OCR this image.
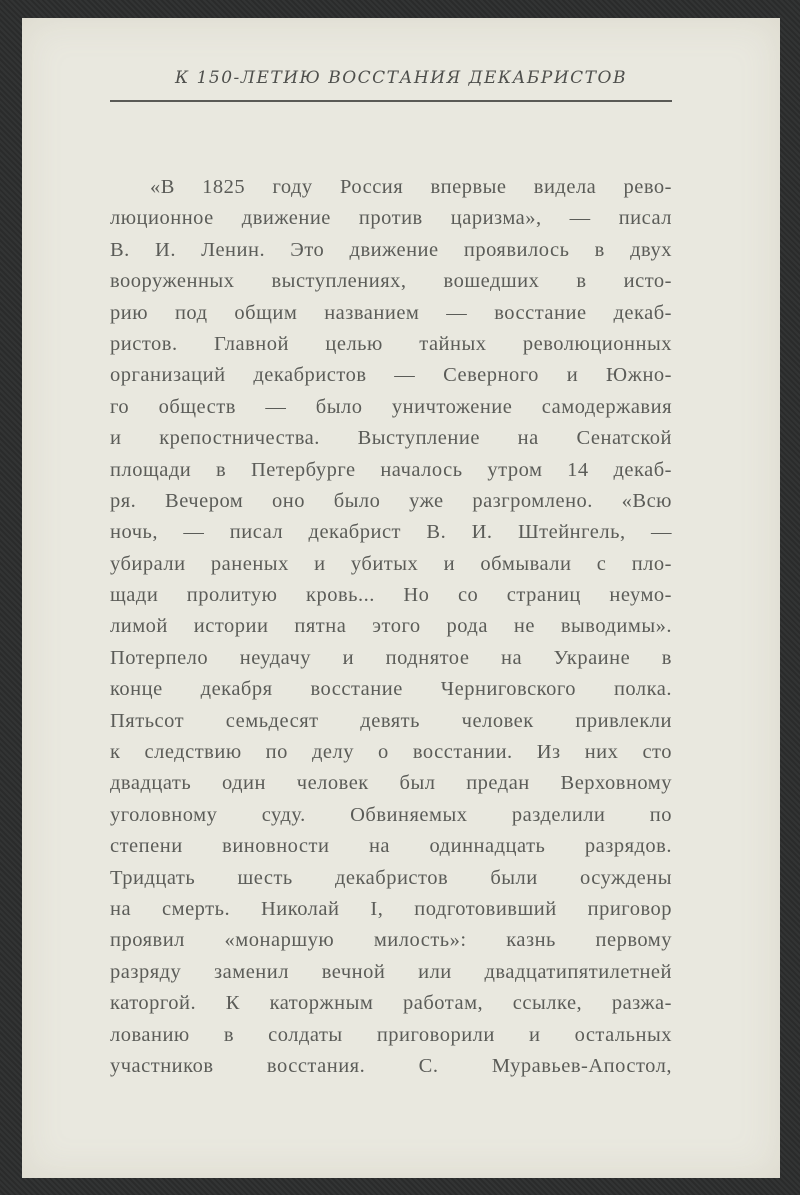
К 150-ЛЕТИЮ ВОССТАНИЯ ДЕКАБРИСТОВ
«В 1825 году Россия впервые видела рево-
люционное движение против царизма», — писал
В. И. Ленин. Это движение проявилось в двух
вооруженных выступлениях, вошедших в исто-
рию под общим названием — восстание декаб-
ристов. Главной целью тайных революционных
организаций декабристов — Северного и Южно-
го обществ — было уничтожение самодержавия
и крепостничества. Выступление на Сенатской
площади в Петербурге началось утром 14 декаб-
ря. Вечером оно было уже разгромлено. «Всю
ночь, — писал декабрист В. И. Штейнгель, —
убирали раненых и убитых и обмывали с пло-
щади пролитую кровь... Но со страниц неумо-
лимой истории пятна этого рода не выводимы».
Потерпело неудачу и поднятое на Украине в
конце декабря восстание Черниговского полка.
Пятьсот семьдесят девять человек привлекли
к следствию по делу о восстании. Из них сто
двадцать один человек был предан Верховному
уголовному суду. Обвиняемых разделили по
степени виновности на одиннадцать разрядов.
Тридцать шесть декабристов были осуждены
на смерть. Николай I, подготовивший приговор
проявил «монаршую милость»: казнь первому
разряду заменил вечной или двадцатипятилетней
каторгой. К каторжным работам, ссылке, разжа-
лованию в солдаты приговорили и остальных
участников восстания. С. Муравьев-Апостол,
